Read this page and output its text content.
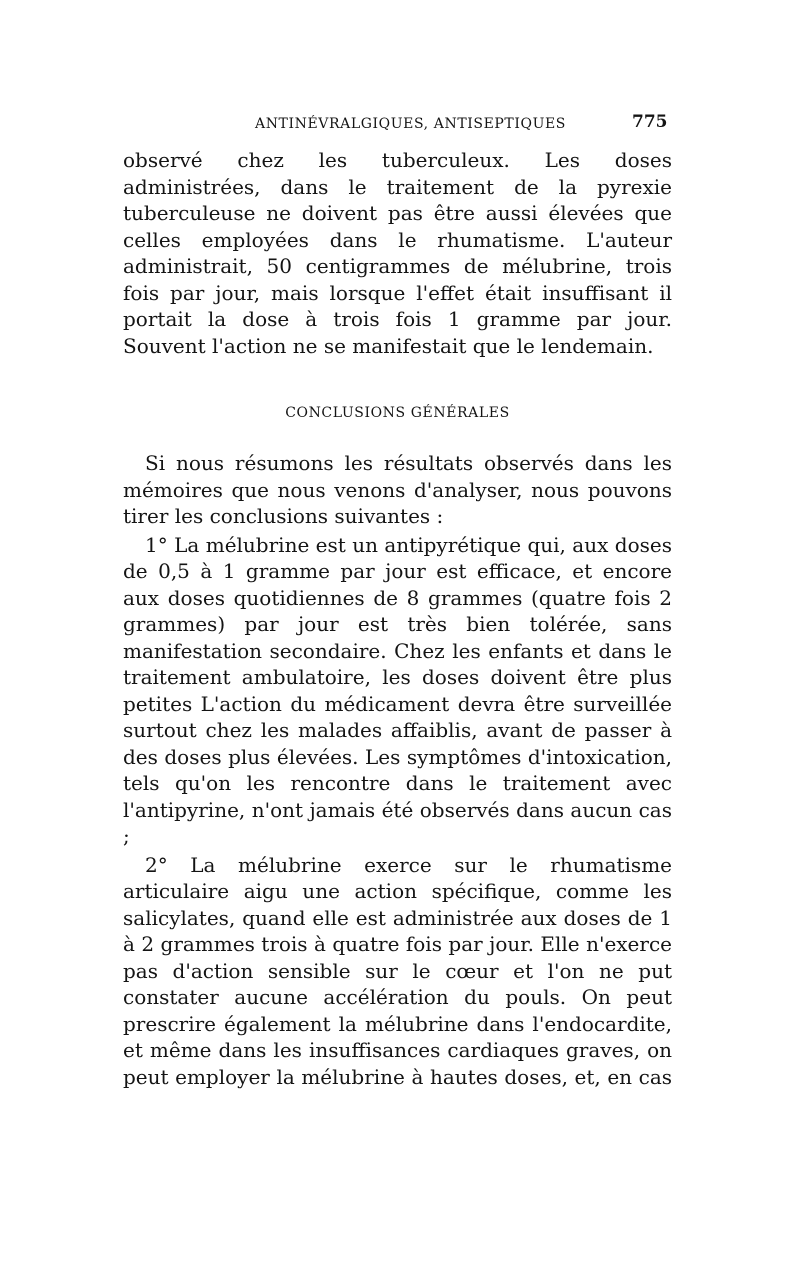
ANTINÉVRALGIQUES, ANTISEPTIQUES	775

observé chez les tuberculeux. Les doses administrées, dans le traitement de la pyrexie tuberculeuse ne doivent pas être aussi élevées que celles employées dans le rhumatisme. L'auteur administrait, 50 centigrammes de mélubrine, trois fois par jour, mais lorsque l'effet était insuffisant il portait la dose à trois fois 1 gramme par jour. Souvent l'action ne se manifestait que le lendemain.

CONCLUSIONS GÉNÉRALES

Si nous résumons les résultats observés dans les mémoires que nous venons d'analyser, nous pouvons tirer les conclusions suivantes :

1° La mélubrine est un antipyrétique qui, aux doses de 0,5 à 1 gramme par jour est efficace, et encore aux doses quotidiennes de 8 grammes (quatre fois 2 grammes) par jour est très bien tolérée, sans manifestation secondaire. Chez les enfants et dans le traitement ambulatoire, les doses doivent être plus petites L'action du médicament devra être surveillée surtout chez les malades affaiblis, avant de passer à des doses plus élevées. Les symptômes d'intoxication, tels qu'on les rencontre dans le traitement avec l'antipyrine, n'ont jamais été observés dans aucun cas ;

2° La mélubrine exerce sur le rhumatisme articulaire aigu une action spécifique, comme les salicylates, quand elle est administrée aux doses de 1 à 2 grammes trois à quatre fois par jour. Elle n'exerce pas d'action sensible sur le cœur et l'on ne put constater aucune accélération du pouls. On peut prescrire également la mélubrine dans l'endocardite, et même dans les insuffisances cardiaques graves, on peut employer la mélubrine à hautes doses, et, en cas
